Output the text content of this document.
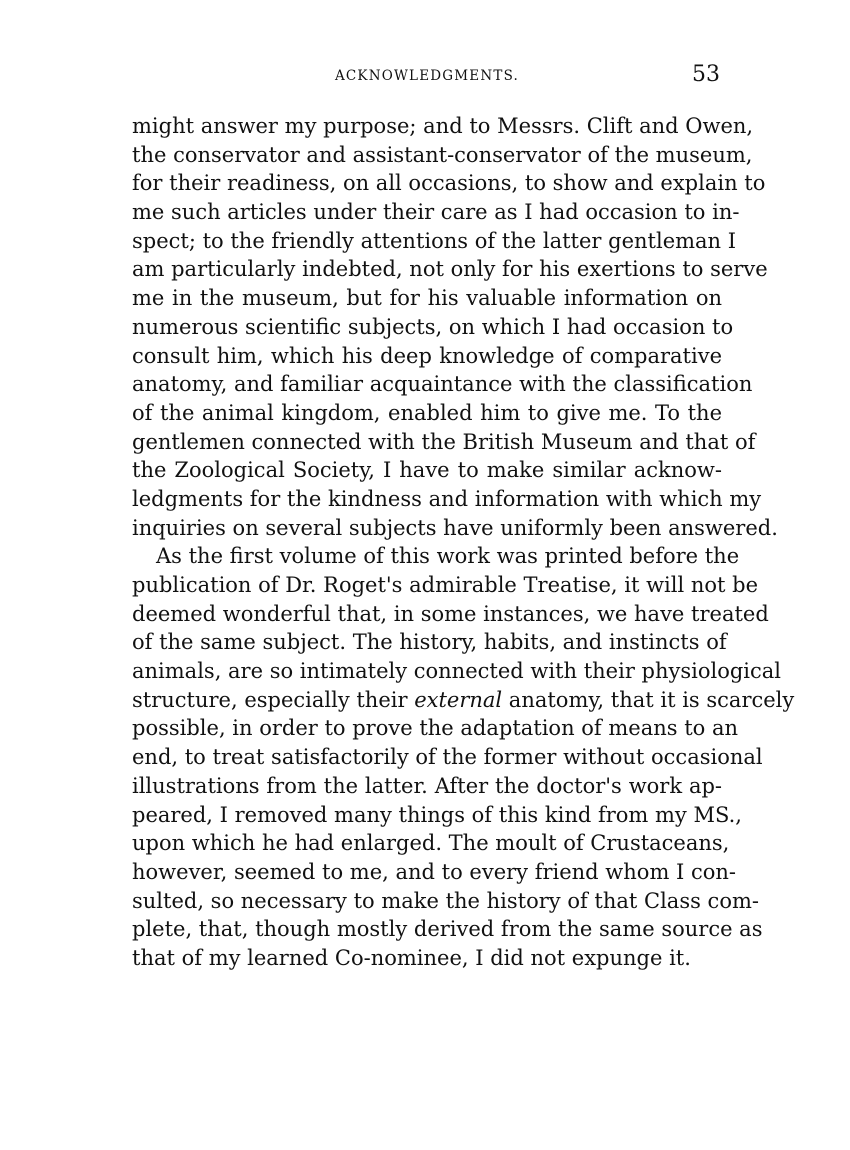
ACKNOWLEDGMENTS.	53
might answer my purpose; and to Messrs. Clift and Owen,
the conservator and assistant-conservator of the museum,
for their readiness, on all occasions, to show and explain to
me such articles under their care as I had occasion to in-
spect; to the friendly attentions of the latter gentleman I
am particularly indebted, not only for his exertions to serve
me in the museum, but for his valuable information on
numerous scientific subjects, on which I had occasion to
consult him, which his deep knowledge of comparative
anatomy, and familiar acquaintance with the classification
of the animal kingdom, enabled him to give me. To the
gentlemen connected with the British Museum and that of
the Zoological Society, I have to make similar acknow-
ledgments for the kindness and information with which my
inquiries on several subjects have uniformly been answered.
As the first volume of this work was printed before the
publication of Dr. Roget's admirable Treatise, it will not be
deemed wonderful that, in some instances, we have treated
of the same subject. The history, habits, and instincts of
animals, are so intimately connected with their physiological
structure, especially their external anatomy, that it is scarcely
possible, in order to prove the adaptation of means to an
end, to treat satisfactorily of the former without occasional
illustrations from the latter. After the doctor's work ap-
peared, I removed many things of this kind from my MS.,
upon which he had enlarged. The moult of Crustaceans,
however, seemed to me, and to every friend whom I con-
sulted, so necessary to make the history of that Class com-
plete, that, though mostly derived from the same source as
that of my learned Co-nominee, I did not expunge it.
